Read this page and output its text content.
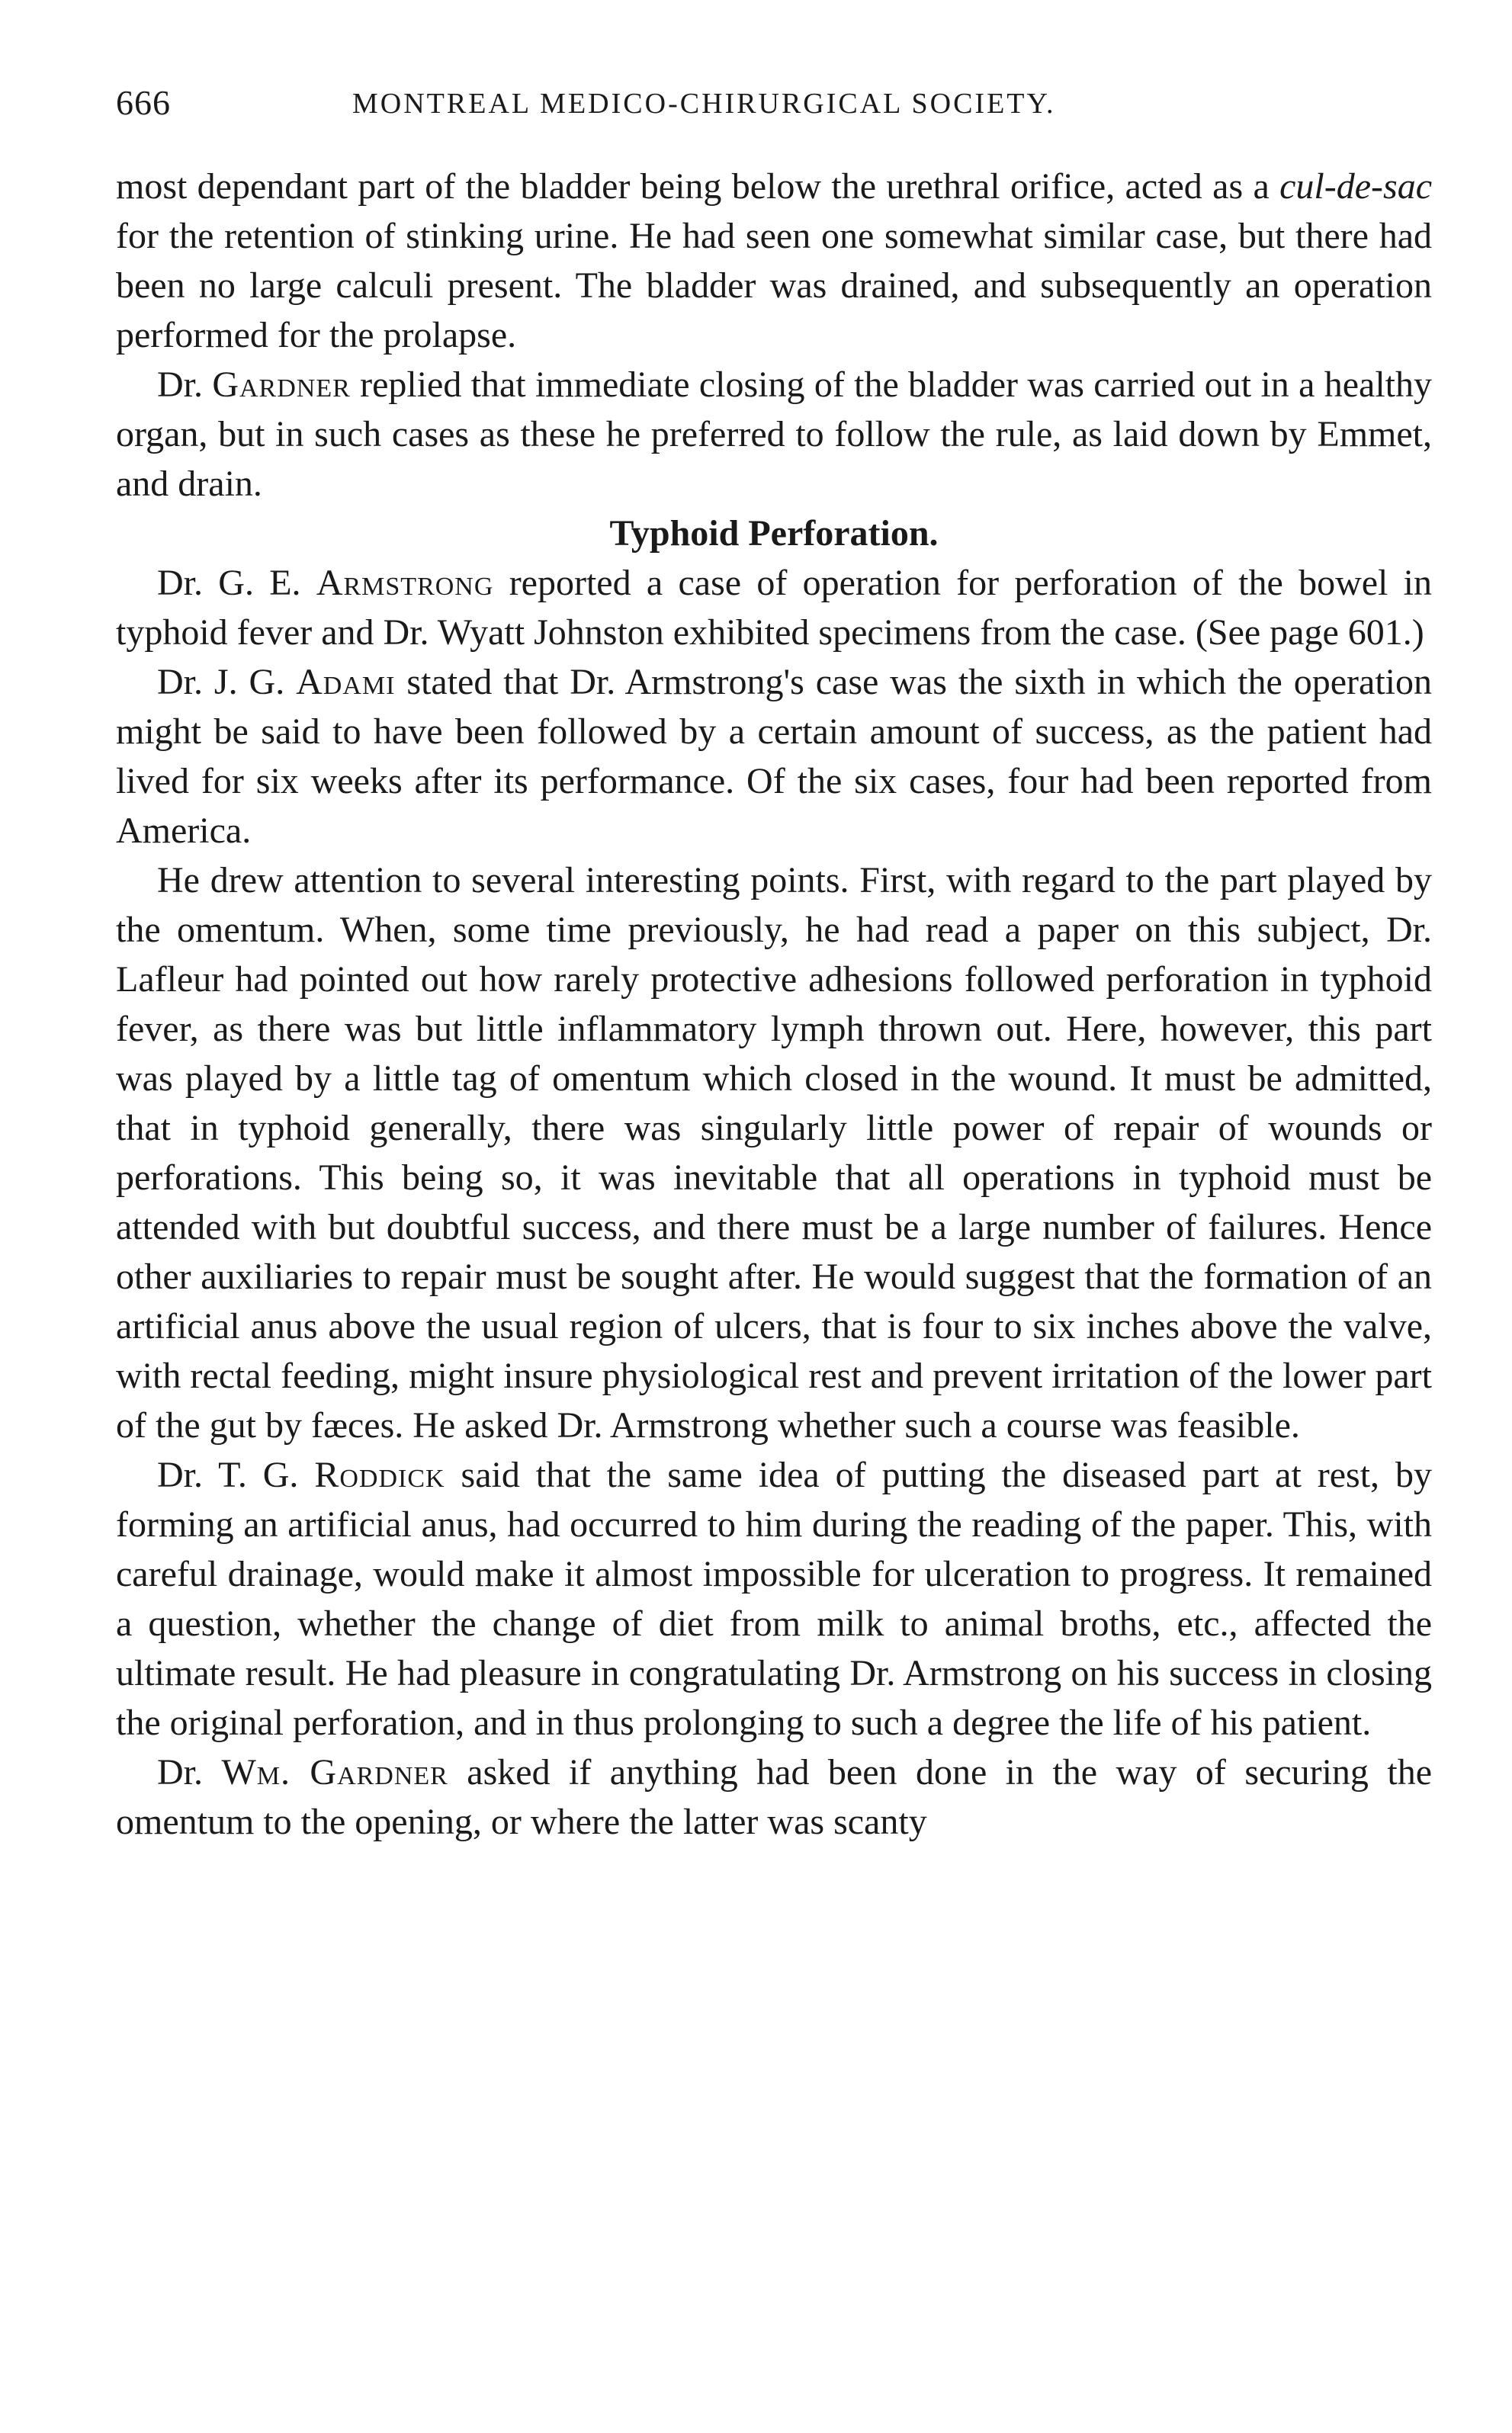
666	MONTREAL MEDICO-CHIRURGICAL SOCIETY.

most dependant part of the bladder being below the urethral orifice, acted as a cul-de-sac for the retention of stinking urine. He had seen one somewhat similar case, but there had been no large calculi present. The bladder was drained, and subsequently an operation performed for the prolapse.

Dr. Gardner replied that immediate closing of the bladder was carried out in a healthy organ, but in such cases as these he preferred to follow the rule, as laid down by Emmet, and drain.

Typhoid Perforation.

Dr. G. E. Armstrong reported a case of operation for perforation of the bowel in typhoid fever and Dr. Wyatt Johnston exhibited specimens from the case. (See page 601.)

Dr. J. G. Adami stated that Dr. Armstrong's case was the sixth in which the operation might be said to have been followed by a certain amount of success, as the patient had lived for six weeks after its performance. Of the six cases, four had been reported from America.

He drew attention to several interesting points. First, with regard to the part played by the omentum. When, some time previously, he had read a paper on this subject, Dr. Lafleur had pointed out how rarely protective adhesions followed perforation in typhoid fever, as there was but little inflammatory lymph thrown out. Here, however, this part was played by a little tag of omentum which closed in the wound. It must be admitted, that in typhoid generally, there was singularly little power of repair of wounds or perforations. This being so, it was inevitable that all operations in typhoid must be attended with but doubtful success, and there must be a large number of failures. Hence other auxiliaries to repair must be sought after. He would suggest that the formation of an artificial anus above the usual region of ulcers, that is four to six inches above the valve, with rectal feeding, might insure physiological rest and prevent irritation of the lower part of the gut by fæces. He asked Dr. Armstrong whether such a course was feasible.

Dr. T. G. Roddick said that the same idea of putting the diseased part at rest, by forming an artificial anus, had occurred to him during the reading of the paper. This, with careful drainage, would make it almost impossible for ulceration to progress. It remained a question, whether the change of diet from milk to animal broths, etc., affected the ultimate result. He had pleasure in congratulating Dr. Armstrong on his success in closing the original perforation, and in thus prolonging to such a degree the life of his patient.

Dr. Wm. Gardner asked if anything had been done in the way of securing the omentum to the opening, or where the latter was scanty
